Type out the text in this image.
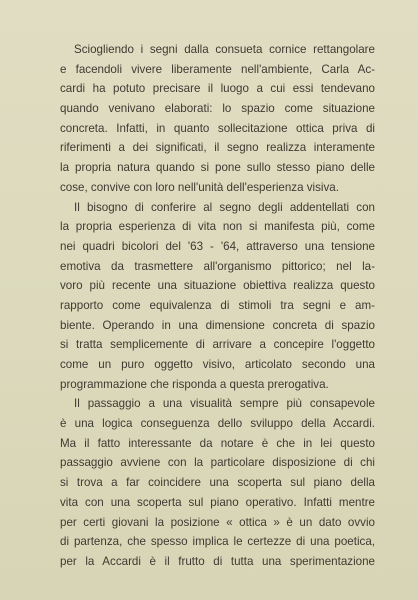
Sciogliendo i segni dalla consueta cornice rettangolare
e facendoli vivere liberamente nell'ambiente, Carla Ac-
cardi ha potuto precisare il luogo a cui essi tendevano
quando venivano elaborati: lo spazio come situazione
concreta. Infatti, in quanto sollecitazione ottica priva di
riferimenti a dei significati, il segno realizza interamente
la propria natura quando si pone sullo stesso piano delle
cose, convive con loro nell'unità dell'esperienza visiva.
Il bisogno di conferire al segno degli addentellati con
la propria esperienza di vita non si manifesta più, come
nei quadri bicolori del '63 - '64, attraverso una tensione
emotiva da trasmettere all'organismo pittorico; nel la-
voro più recente una situazione obiettiva realizza questo
rapporto come equivalenza di stimoli tra segni e am-
biente. Operando in una dimensione concreta di spazio
si tratta semplicemente di arrivare a concepire l'oggetto
come un puro oggetto visivo, articolato secondo una
programmazione che risponda a questa prerogativa.
Il passaggio a una visualità sempre più consapevole
è una logica conseguenza dello sviluppo della Accardi.
Ma il fatto interessante da notare è che in lei questo
passaggio avviene con la particolare disposizione di chi
si trova a far coincidere una scoperta sul piano della
vita con una scoperta sul piano operativo. Infatti mentre
per certi giovani la posizione « ottica » è un dato ovvio
di partenza, che spesso implica le certezze di una poetica,
per la Accardi è il frutto di tutta una sperimentazione
